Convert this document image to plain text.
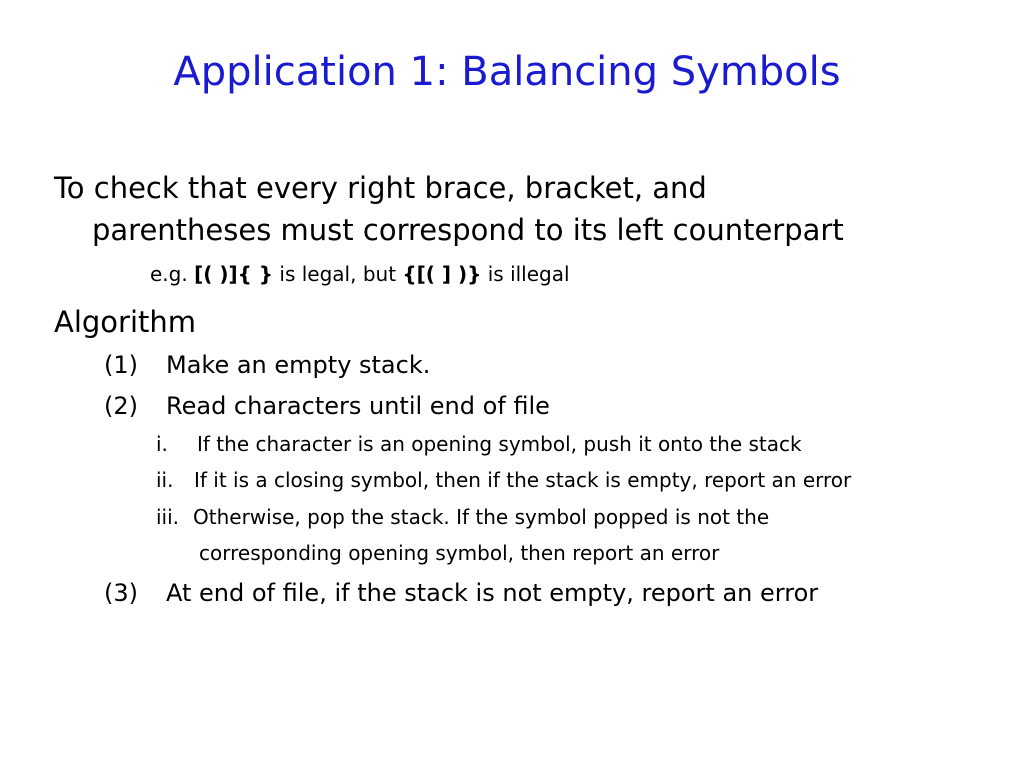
Application 1: Balancing Symbols
To check that every right brace, bracket, and
parentheses must correspond to its left counterpart
e.g. [( )]{ } is legal, but {[( ] )} is illegal
Algorithm
(1) Make an empty stack.
(2) Read characters until end of file
i. If the character is an opening symbol, push it onto the stack
ii. If it is a closing symbol, then if the stack is empty, report an error
iii. Otherwise, pop the stack. If the symbol popped is not the
corresponding opening symbol, then report an error
(3) At end of file, if the stack is not empty, report an error
